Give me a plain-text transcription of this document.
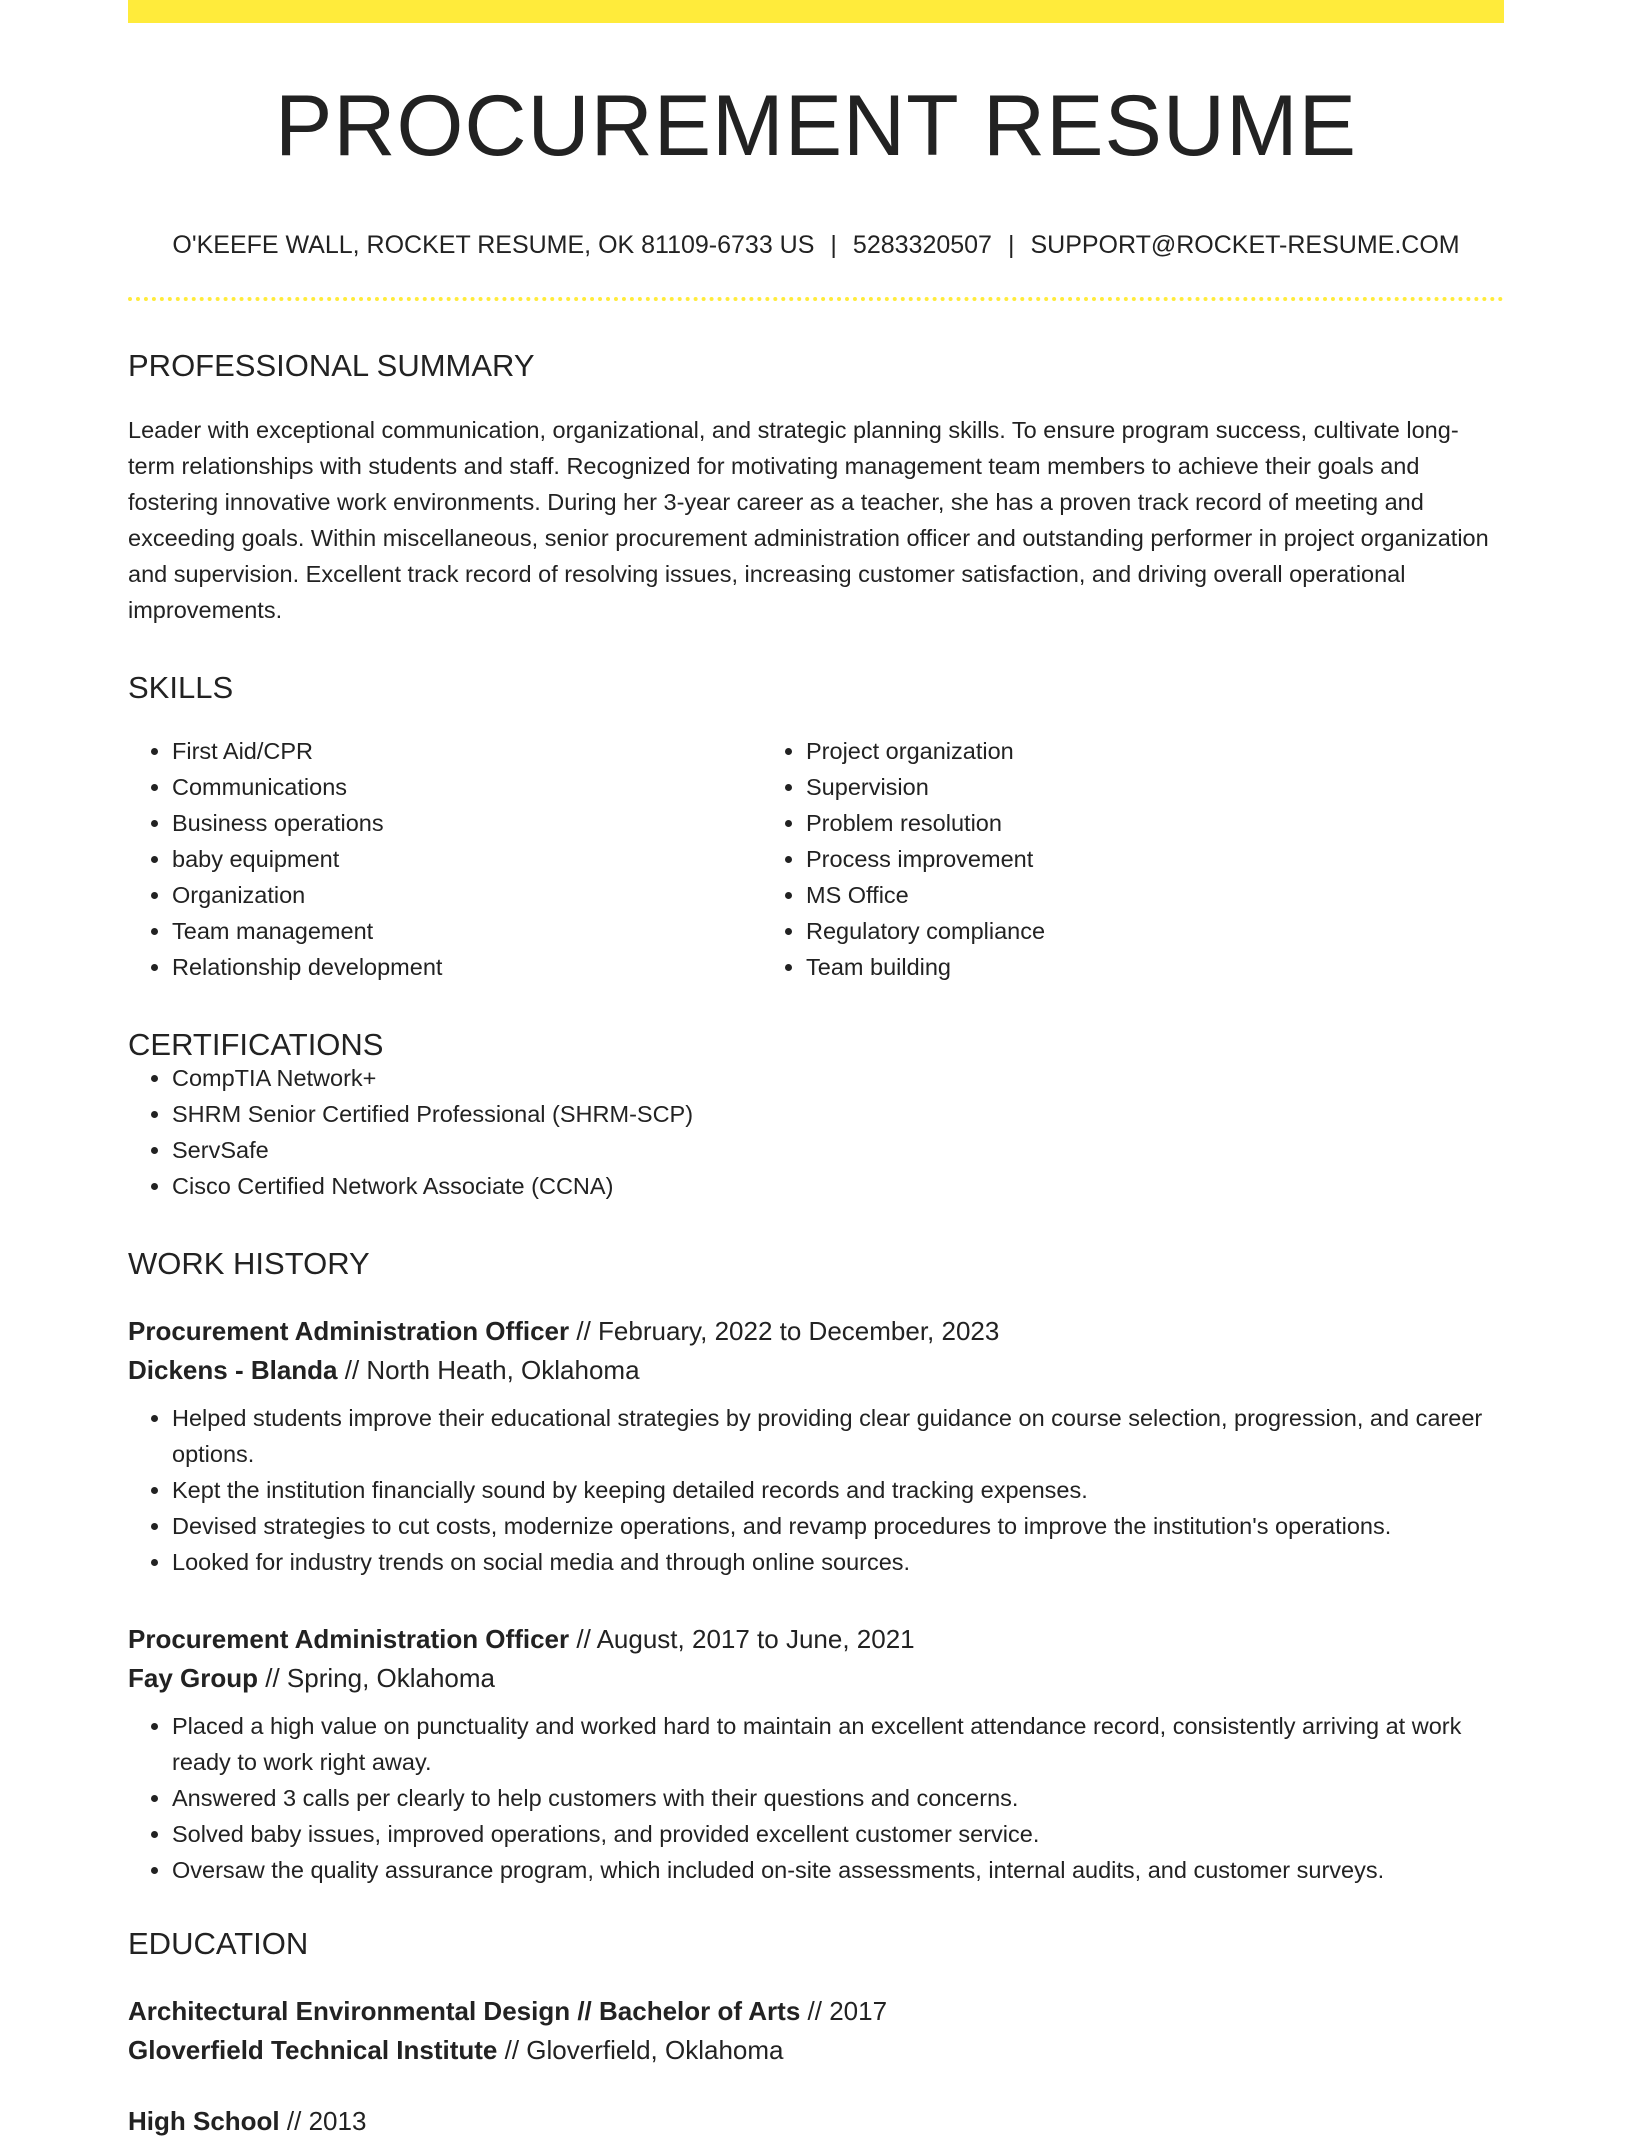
PROCUREMENT RESUME
O'KEEFE WALL, ROCKET RESUME, OK 81109-6733 US | 5283320507 | SUPPORT@ROCKET-RESUME.COM
PROFESSIONAL SUMMARY

Leader with exceptional communication, organizational, and strategic planning skills. To ensure program success, cultivate long-term relationships with students and staff. Recognized for motivating management team members to achieve their goals and fostering innovative work environments. During her 3-year career as a teacher, she has a proven track record of meeting and exceeding goals. Within miscellaneous, senior procurement administration officer and outstanding performer in project organization and supervision. Excellent track record of resolving issues, increasing customer satisfaction, and driving overall operational improvements.

SKILLS
• First Aid/CPR
• Communications
• Business operations
• baby equipment
• Organization
• Team management
• Relationship development
• Project organization
• Supervision
• Problem resolution
• Process improvement
• MS Office
• Regulatory compliance
• Team building
CERTIFICATIONS
• CompTIA Network+
• SHRM Senior Certified Professional (SHRM-SCP)
• ServSafe
• Cisco Certified Network Associate (CCNA)
WORK HISTORY
Procurement Administration Officer // February, 2022 to December, 2023
Dickens - Blanda // North Heath, Oklahoma
• Helped students improve their educational strategies by providing clear guidance on course selection, progression, and career options.
• Kept the institution financially sound by keeping detailed records and tracking expenses.
• Devised strategies to cut costs, modernize operations, and revamp procedures to improve the institution's operations.
• Looked for industry trends on social media and through online sources.
Procurement Administration Officer // August, 2017 to June, 2021
Fay Group // Spring, Oklahoma
• Placed a high value on punctuality and worked hard to maintain an excellent attendance record, consistently arriving at work ready to work right away.
• Answered 3 calls per clearly to help customers with their questions and concerns.
• Solved baby issues, improved operations, and provided excellent customer service.
• Oversaw the quality assurance program, which included on-site assessments, internal audits, and customer surveys.
EDUCATION
Architectural Environmental Design // Bachelor of Arts // 2017
Gloverfield Technical Institute // Gloverfield, Oklahoma
High School // 2013
